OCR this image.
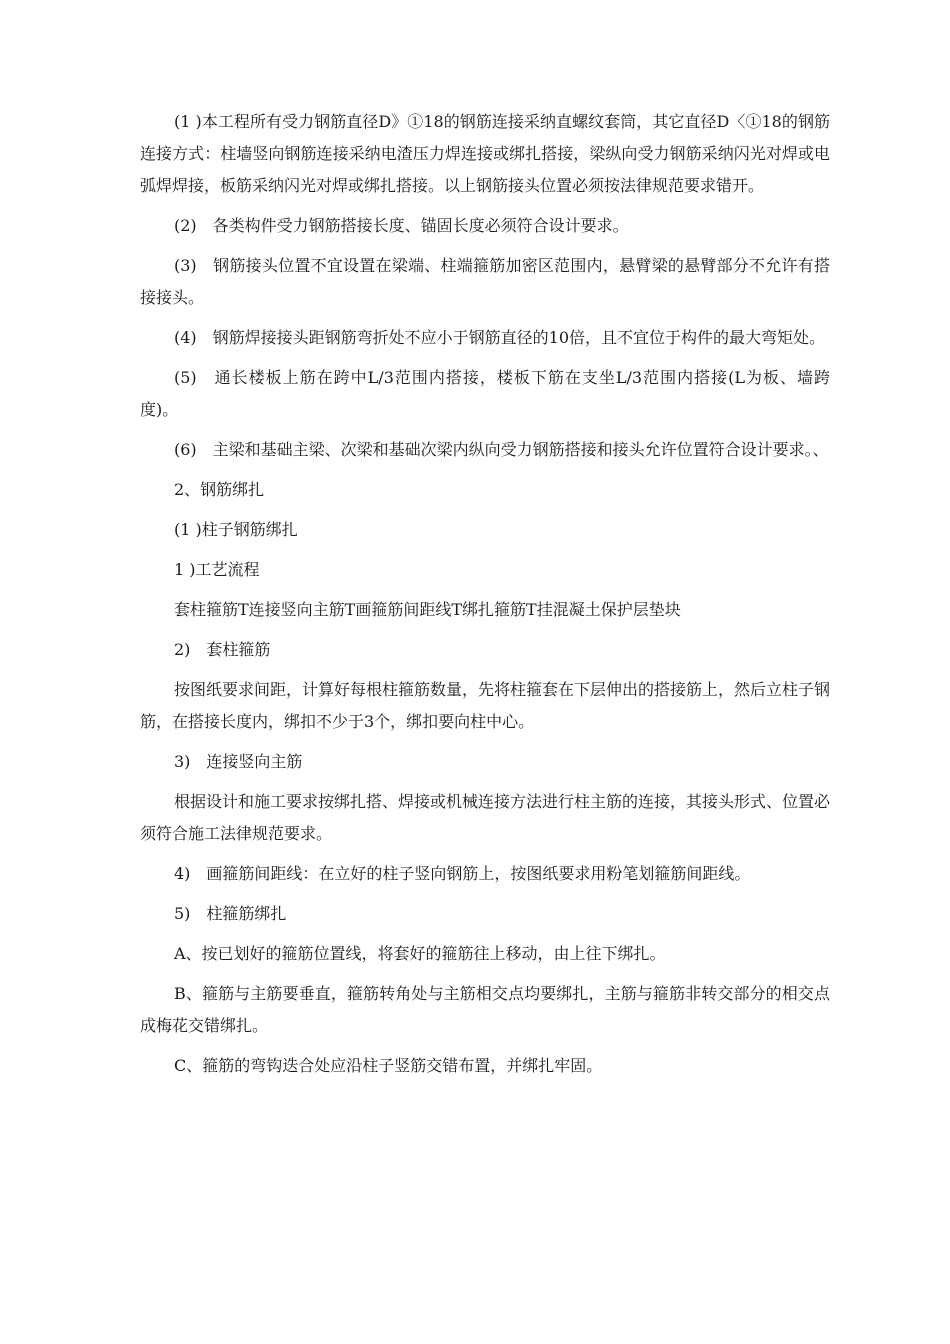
(1 )本工程所有受力钢筋直径D》①18的钢筋连接采纳直螺纹套筒，其它直径D〈①18的钢筋连接方式：柱墙竖向钢筋连接采纳电渣压力焊连接或绑扎搭接，梁纵向受力钢筋采纳闪光对焊或电弧焊焊接，板筋采纳闪光对焊或绑扎搭接。以上钢筋接头位置必须按法律规范要求错开。

(2)　各类构件受力钢筋搭接长度、锚固长度必须符合设计要求。

(3)　钢筋接头位置不宜设置在梁端、柱端箍筋加密区范围内，悬臂梁的悬臂部分不允许有搭接接头。

(4)　钢筋焊接接头距钢筋弯折处不应小于钢筋直径的10倍，且不宜位于构件的最大弯矩处。

(5)　通长楼板上筋在跨中L/3范围内搭接，楼板下筋在支坐L/3范围内搭接(L为板、墙跨度)。

(6)　主梁和基础主梁、次梁和基础次梁内纵向受力钢筋搭接和接头允许位置符合设计要求。、

2、钢筋绑扎

(1 )柱子钢筋绑扎

1 )工艺流程

套柱箍筋T连接竖向主筋T画箍筋间距线T绑扎箍筋T挂混凝土保护层垫块

2)　套柱箍筋

按图纸要求间距，计算好每根柱箍筋数量，先将柱箍套在下层伸出的搭接筋上，然后立柱子钢筋，在搭接长度内，绑扣不少于3个，绑扣要向柱中心。

3)　连接竖向主筋

根据设计和施工要求按绑扎搭、焊接或机械连接方法进行柱主筋的连接，其接头形式、位置必须符合施工法律规范要求。

4)　画箍筋间距线：在立好的柱子竖向钢筋上，按图纸要求用粉笔划箍筋间距线。

5)　柱箍筋绑扎

A、按已划好的箍筋位置线，将套好的箍筋往上移动，由上往下绑扎。

B、箍筋与主筋要垂直，箍筋转角处与主筋相交点均要绑扎，主筋与箍筋非转交部分的相交点成梅花交错绑扎。

C、箍筋的弯钩迭合处应沿柱子竖筋交错布置，并绑扎牢固。
